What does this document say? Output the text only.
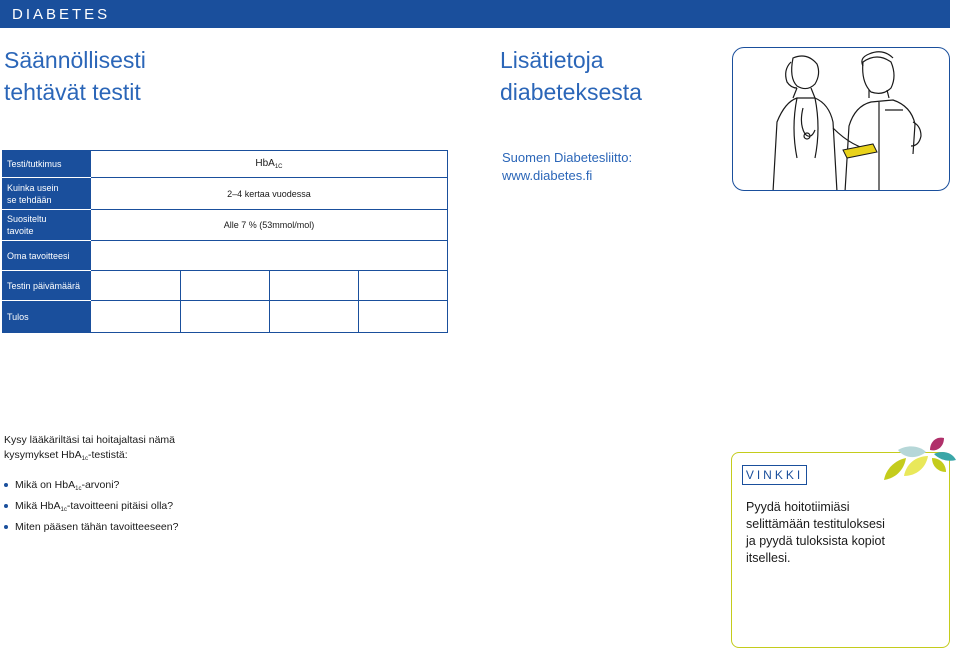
DIABETES
Säännöllisesti
tehtävät testit
Lisätietoja
diabeteksesta
Suomen Diabetesliitto:
www.diabetes.fi
Testi/tutkimus	HbA$_{1C}$

Kuinka usein
se tehdään	2–4 kertaa vuodessa			

Suositeltu
tavoite	Alle 7 % (53mmol/mol)			
Oma tavoitteesi				
Testin päivämäärä				
Tulos				
Kysy lääkäriltäsi tai hoitajaltasi nämä
kysymykset HbA$_{1c}$-testistä:
Mikä on HbA$_{1c}$-arvoni?
Mikä HbA$_{1c}$-tavoitteeni pitäisi olla?
Miten pääsen tähän tavoitteeseen?
VINKKI
Pyydä hoitotiimiäsi
selittämään testituloksesi
ja pyydä tuloksista kopiot
itsellesi.
